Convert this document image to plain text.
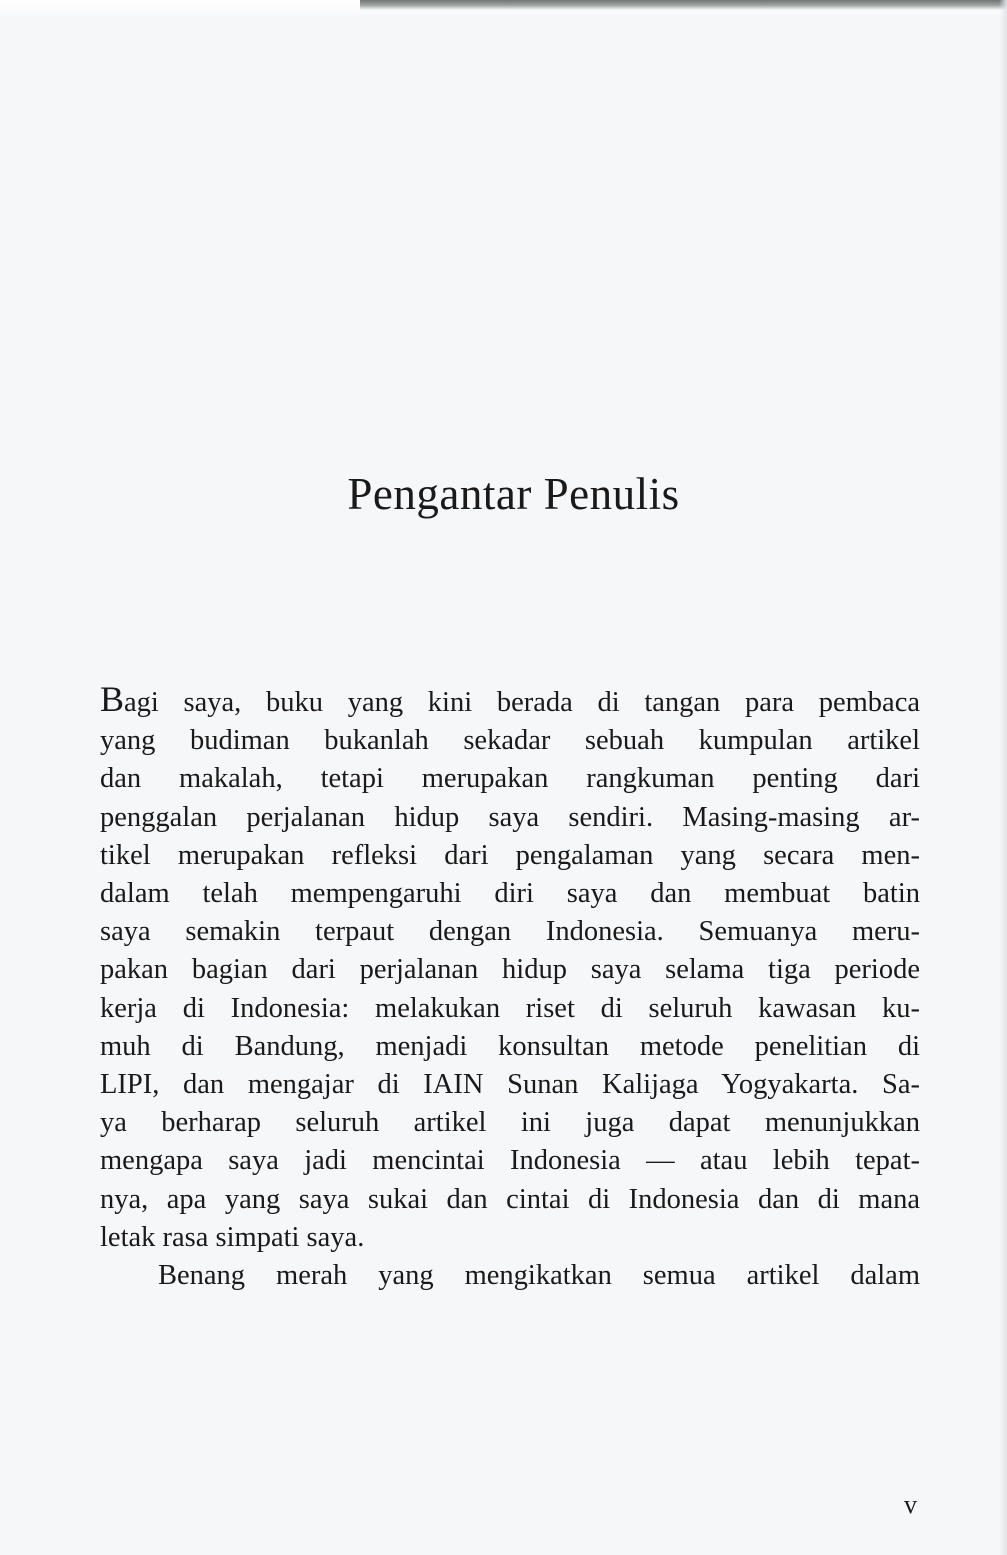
Pengantar Penulis

Bagi saya, buku yang kini berada di tangan para pembaca
yang budiman bukanlah sekadar sebuah kumpulan artikel
dan makalah, tetapi merupakan rangkuman penting dari
penggalan perjalanan hidup saya sendiri. Masing-masing ar-
tikel merupakan refleksi dari pengalaman yang secara men-
dalam telah mempengaruhi diri saya dan membuat batin
saya semakin terpaut dengan Indonesia. Semuanya meru-
pakan bagian dari perjalanan hidup saya selama tiga periode
kerja di Indonesia: melakukan riset di seluruh kawasan ku-
muh di Bandung, menjadi konsultan metode penelitian di
LIPI, dan mengajar di IAIN Sunan Kalijaga Yogyakarta. Sa-
ya berharap seluruh artikel ini juga dapat menunjukkan
mengapa saya jadi mencintai Indonesia — atau lebih tepat-
nya, apa yang saya sukai dan cintai di Indonesia dan di mana
letak rasa simpati saya.

Benang merah yang mengikatkan semua artikel dalam

v
